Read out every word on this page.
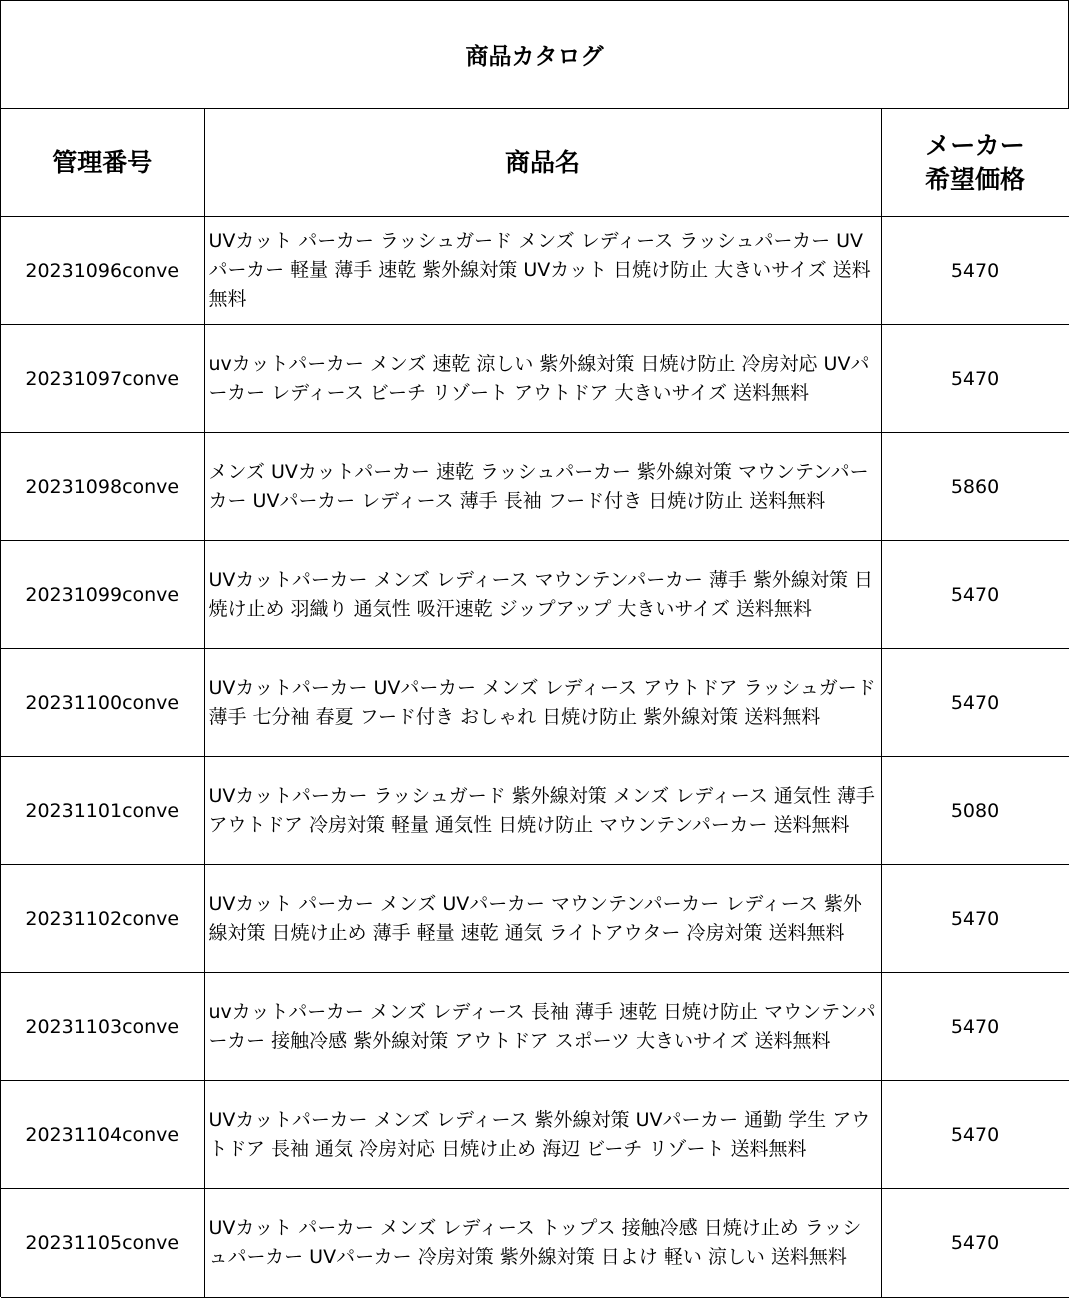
商品カタログ
管理番号	商品名	メーカー
希望価格
20231096conve	UVカット パーカー ラッシュガード メンズ レディース ラッシュパーカー UVパーカー 軽量 薄手 速乾 紫外線対策 UVカット 日焼け防止 大きいサイズ 送料無料	5470
20231097conve	uvカットパーカー メンズ 速乾 涼しい 紫外線対策 日焼け防止 冷房対応 UVパーカー レディース ビーチ リゾート アウトドア 大きいサイズ 送料無料	5470
20231098conve	メンズ UVカットパーカー 速乾 ラッシュパーカー 紫外線対策 マウンテンパーカー UVパーカー レディース 薄手 長袖 フード付き 日焼け防止 送料無料	5860
20231099conve	UVカットパーカー メンズ レディース マウンテンパーカー 薄手 紫外線対策 日焼け止め 羽織り 通気性 吸汗速乾 ジップアップ 大きいサイズ 送料無料	5470
20231100conve	UVカットパーカー UVパーカー メンズ レディース アウトドア ラッシュガード 薄手 七分袖 春夏 フード付き おしゃれ 日焼け防止 紫外線対策 送料無料	5470
20231101conve	UVカットパーカー ラッシュガード 紫外線対策 メンズ レディース 通気性 薄手 アウトドア 冷房対策 軽量 通気性 日焼け防止 マウンテンパーカー 送料無料	5080
20231102conve	UVカット パーカー メンズ UVパーカー マウンテンパーカー レディース 紫外線対策 日焼け止め 薄手 軽量 速乾 通気 ライトアウター 冷房対策 送料無料	5470
20231103conve	uvカットパーカー メンズ レディース 長袖 薄手 速乾 日焼け防止 マウンテンパーカー 接触冷感 紫外線対策 アウトドア スポーツ 大きいサイズ 送料無料	5470
20231104conve	UVカットパーカー メンズ レディース 紫外線対策 UVパーカー 通勤 学生 アウトドア 長袖 通気 冷房対応 日焼け止め 海辺 ビーチ リゾート 送料無料	5470
20231105conve	UVカット パーカー メンズ レディース トップス 接触冷感 日焼け止め ラッシュパーカー UVパーカー 冷房対策 紫外線対策 日よけ 軽い 涼しい 送料無料	5470
